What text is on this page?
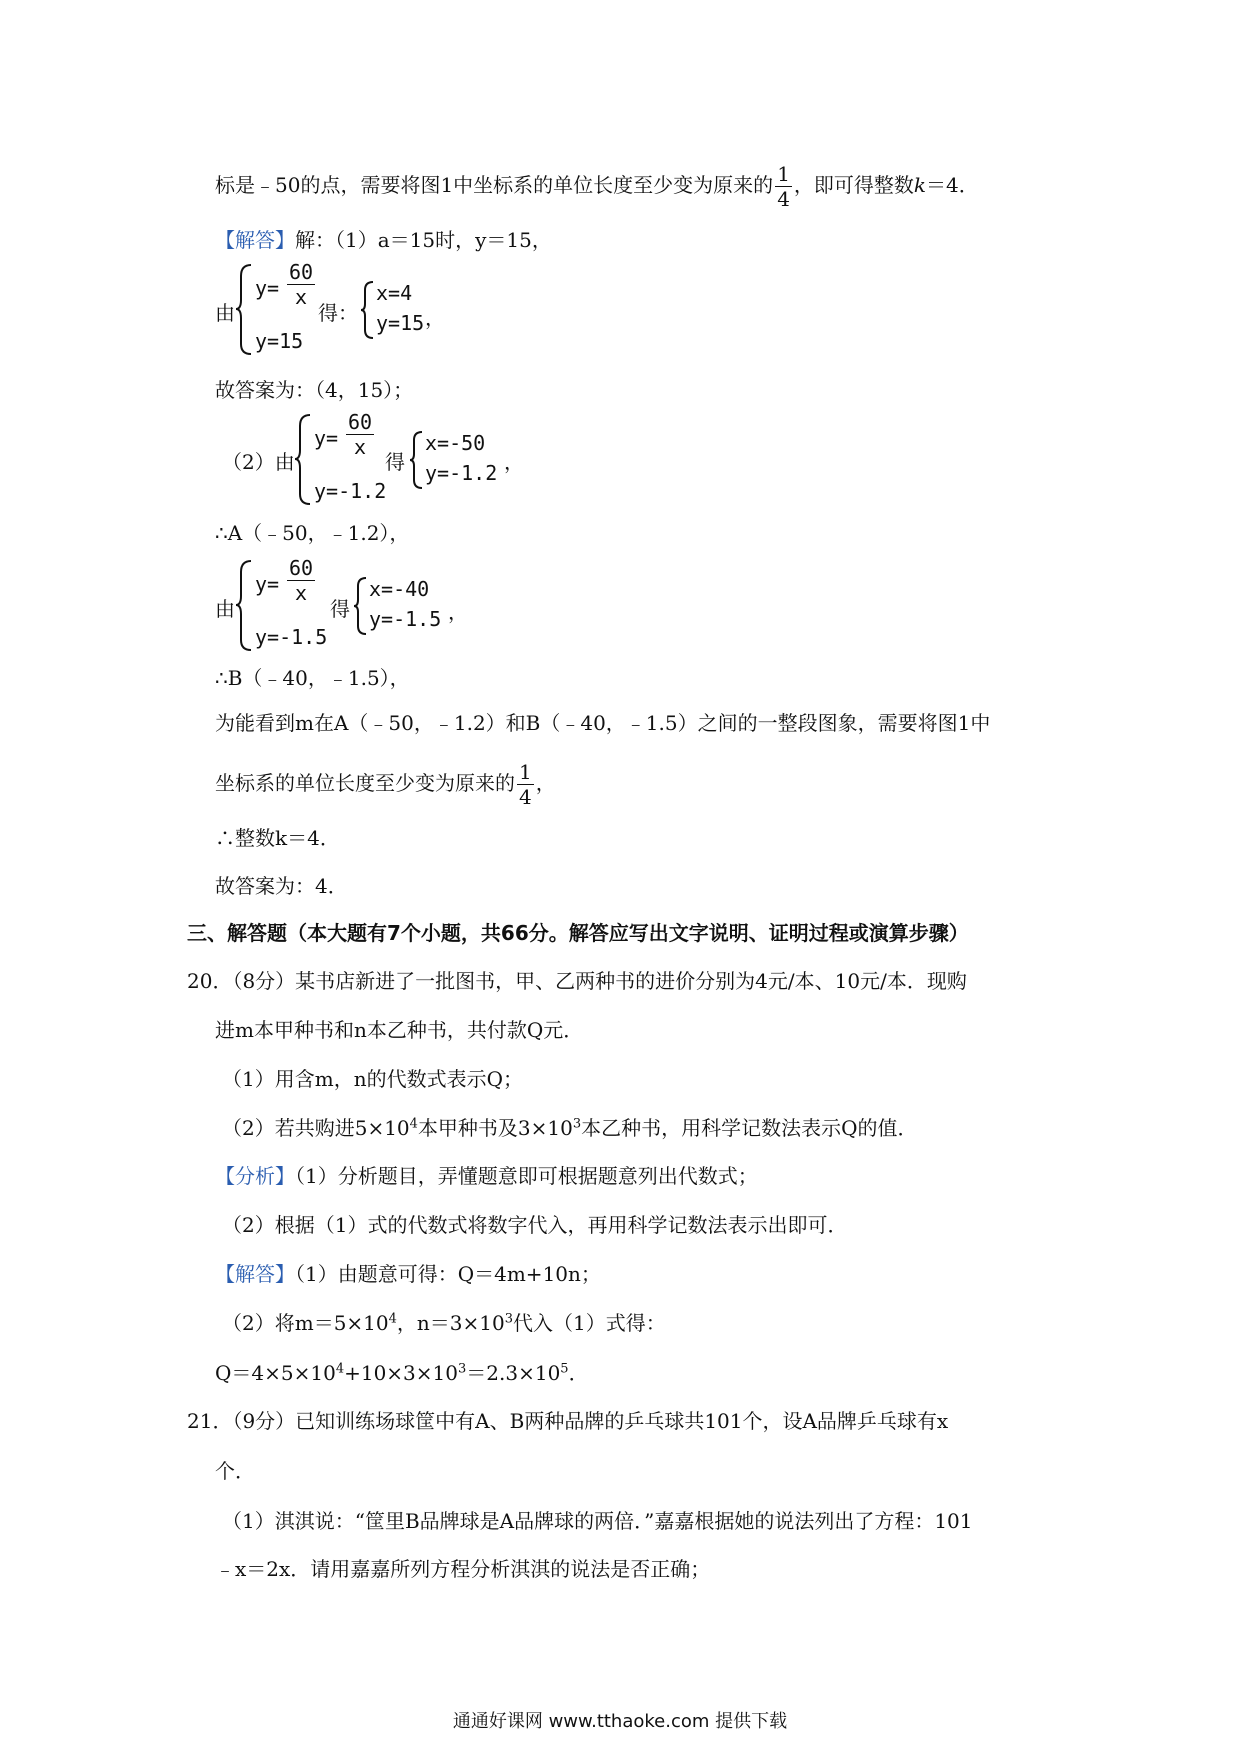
标是﹣50的点，需要将图1中坐标系的单位长度至少变为原来的 $\frac{1}{4}$ ，即可得整数k＝4．
【解答】解：（1）a＝15时，y＝15，
由
$y= \frac{60}{x}$
y=15
得：
x=4
y=15 ，
故答案为：（4，15）；
（2）由
$y= \frac{60}{x}$
y=-1.2
得
x=-50
y=-1.2 ，
∴A（﹣50，﹣1.2），
由
$y= \frac{60}{x}$
y=-1.5
得
x=-40
y=-1.5 ，
∴B（﹣40，﹣1.5），
为能看到m在A（﹣50，﹣1.2）和B（﹣40，﹣1.5）之间的一整段图象，需要将图1中
坐标系的单位长度至少变为原来的 $\frac{1}{4}$ ，
∴整数k＝4．
故答案为：4．
三、解答题（本大题有7个小题，共66分。解答应写出文字说明、证明过程或演算步骤）
20．（8分）某书店新进了一批图书，甲、乙两种书的进价分别为4元/本、10元/本．现购
进m本甲种书和n本乙种书，共付款Q元．
（1）用含m，n的代数式表示Q；
（2）若共购进$5\times 10^4$本甲种书及$3\times 10^3$本乙种书，用科学记数法表示Q的值．
【分析】（1）分析题目，弄懂题意即可根据题意列出代数式；
（2）根据（1）式的代数式将数字代入，再用科学记数法表示出即可．
【解答】（1）由题意可得：Q＝4m+10n；
（2）将$m=5\times 10^4$，$n=3\times 10^3$代入（1）式得：
$Q=4\times 5\times 10^4+10\times 3\times 10^3=2.3\times 10^5$．
21．（9分）已知训练场球筐中有A、B两种品牌的乒乓球共101个，设A品牌乒乓球有x
个．
（1）淇淇说：“筐里B品牌球是A品牌球的两倍．”嘉嘉根据她的说法列出了方程：101
﹣x＝2x．请用嘉嘉所列方程分析淇淇的说法是否正确；
通通好课网 www.tthaoke.com 提供下载
